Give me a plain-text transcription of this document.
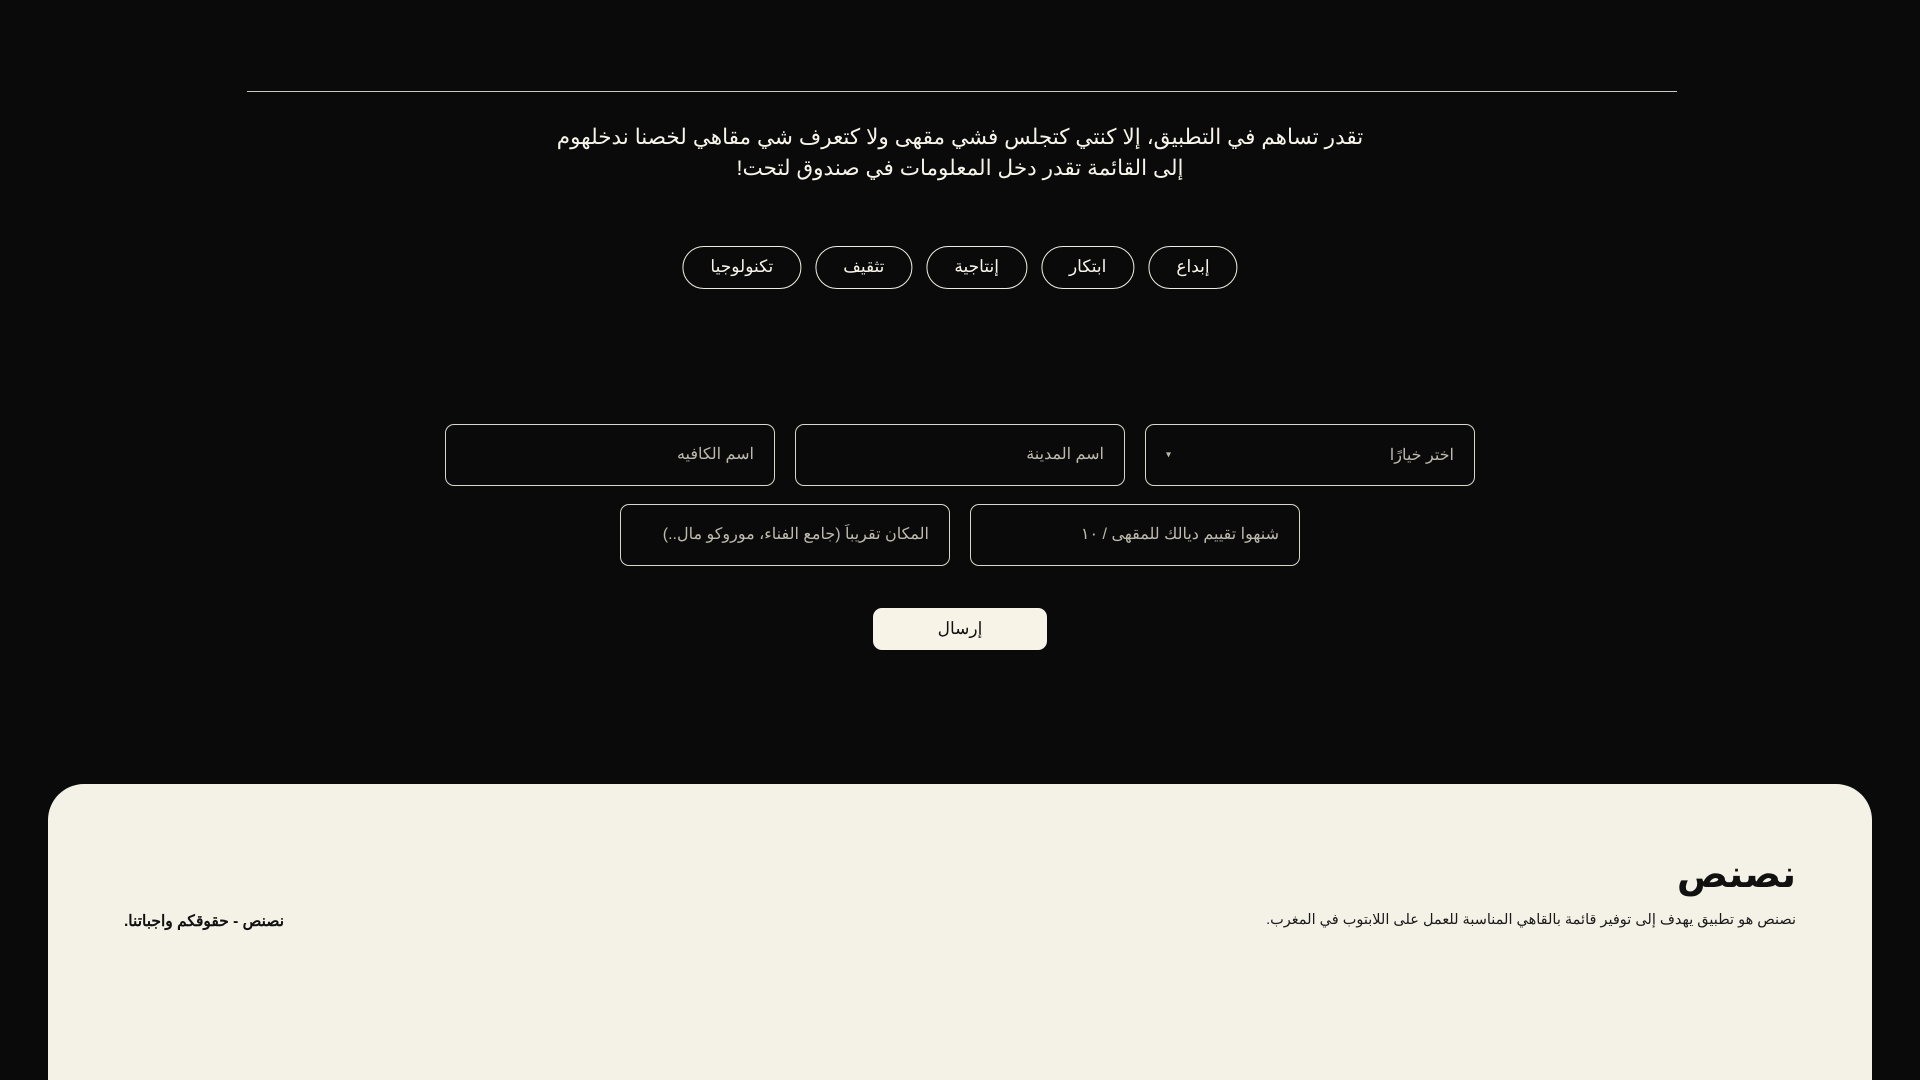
تقدر تساهم في التطبيق، إلا كنتي كتجلس فشي مقهى ولا كتعرف شي مقاهي لخصنا ندخلهوم إلى القائمة تقدر دخل المعلومات في صندوق لتحت!

إبداع
ابتكار
إنتاجية
تثقيف
تكنولوجيا
اختر خيارًا
▾
اسم المدينة
اسم الكافيه
شنهوا تقييم ديالك للمقهى / ١٠
المكان تقريباً (جامع الفناء، موروكو مال..)
إرسال
نصنص
نصنص هو تطبيق يهدف إلى توفير قائمة بالقاهي المناسبة للعمل على اللابتوب في المغرب.
نصنص - حقوقكم واجباتنا.
